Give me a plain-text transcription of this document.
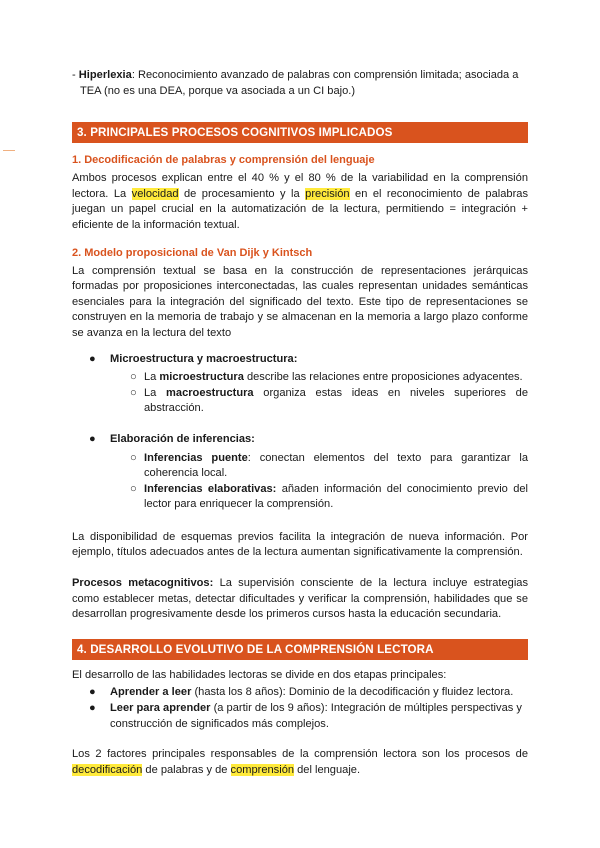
- Hiperlexia: Reconocimiento avanzado de palabras con comprensión limitada; asociada a TEA (no es una DEA, porque va asociada a un CI bajo.)

3. PRINCIPALES PROCESOS COGNITIVOS IMPLICADOS
1. Decodificación de palabras y comprensión del lenguaje

Ambos procesos explican entre el 40 % y el 80 % de la variabilidad en la comprensión lectora. La velocidad de procesamiento y la precisión en el reconocimiento de palabras juegan un papel crucial en la automatización de la lectura, permitiendo = integración + eficiente de la información textual.

2. Modelo proposicional de Van Dijk y Kintsch

La comprensión textual se basa en la construcción de representaciones jerárquicas formadas por proposiciones interconectadas, las cuales representan unidades semánticas esenciales para la integración del significado del texto. Este tipo de representaciones se construyen en la memoria de trabajo y se almacenan en la memoria a largo plazo conforme se avanza en la lectura del texto

● Microestructura y macroestructura:
○ La microestructura describe las relaciones entre proposiciones adyacentes.
○ La macroestructura organiza estas ideas en niveles superiores de abstracción.
● Elaboración de inferencias:
○ Inferencias puente: conectan elementos del texto para garantizar la coherencia local.
○ Inferencias elaborativas: añaden información del conocimiento previo del lector para enriquecer la comprensión.

La disponibilidad de esquemas previos facilita la integración de nueva información. Por ejemplo, títulos adecuados antes de la lectura aumentan significativamente la comprensión.

Procesos metacognitivos: La supervisión consciente de la lectura incluye estrategias como establecer metas, detectar dificultades y verificar la comprensión, habilidades que se desarrollan progresivamente desde los primeros cursos hasta la educación secundaria.

4. DESARROLLO EVOLUTIVO DE LA COMPRENSIÓN LECTORA

El desarrollo de las habilidades lectoras se divide en dos etapas principales:

● Aprender a leer (hasta los 8 años): Dominio de la decodificación y fluidez lectora.
● Leer para aprender (a partir de los 9 años): Integración de múltiples perspectivas y construcción de significados más complejos.

Los 2 factores principales responsables de la comprensión lectora son los procesos de decodificación de palabras y de comprensión del lenguaje.
